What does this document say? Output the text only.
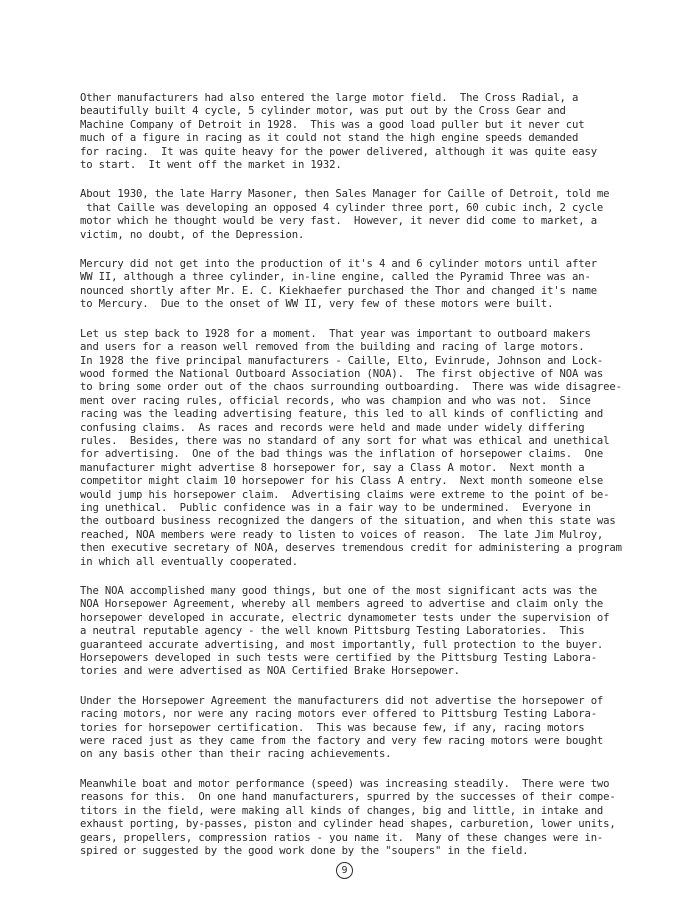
Other manufacturers had also entered the large motor field.  The Cross Radial, a
beautifully built 4 cycle, 5 cylinder motor, was put out by the Cross Gear and
Machine Company of Detroit in 1928.  This was a good load puller but it never cut
much of a figure in racing as it could not stand the high engine speeds demanded
for racing.  It was quite heavy for the power delivered, although it was quite easy
to start.  It went off the market in 1932.
About 1930, the late Harry Masoner, then Sales Manager for Caille of Detroit, told me
that Caille was developing an opposed 4 cylinder three port, 60 cubic inch, 2 cycle
motor which he thought would be very fast.  However, it never did come to market, a
victim, no doubt, of the Depression.
Mercury did not get into the production of it's 4 and 6 cylinder motors until after
WW II, although a three cylinder, in-line engine, called the Pyramid Three was an-
nounced shortly after Mr. E. C. Kiekhaefer purchased the Thor and changed it's name
to Mercury.  Due to the onset of WW II, very few of these motors were built.
Let us step back to 1928 for a moment.  That year was important to outboard makers
and users for a reason well removed from the building and racing of large motors.
In 1928 the five principal manufacturers - Caille, Elto, Evinrude, Johnson and Lock-
wood formed the National Outboard Association (NOA).  The first objective of NOA was
to bring some order out of the chaos surrounding outboarding.  There was wide disagree-
ment over racing rules, official records, who was champion and who was not.  Since
racing was the leading advertising feature, this led to all kinds of conflicting and
confusing claims.  As races and records were held and made under widely differing
rules.  Besides, there was no standard of any sort for what was ethical and unethical
for advertising.  One of the bad things was the inflation of horsepower claims.  One
manufacturer might advertise 8 horsepower for, say a Class A motor.  Next month a
competitor might claim 10 horsepower for his Class A entry.  Next month someone else
would jump his horsepower claim.  Advertising claims were extreme to the point of be-
ing unethical.  Public confidence was in a fair way to be undermined.  Everyone in
the outboard business recognized the dangers of the situation, and when this state was
reached, NOA members were ready to listen to voices of reason.  The late Jim Mulroy,
then executive secretary of NOA, deserves tremendous credit for administering a program
in which all eventually cooperated.
The NOA accomplished many good things, but one of the most significant acts was the
NOA Horsepower Agreement, whereby all members agreed to advertise and claim only the
horsepower developed in accurate, electric dynamometer tests under the supervision of
a neutral reputable agency - the well known Pittsburg Testing Laboratories.  This
guaranteed accurate advertising, and most importantly, full protection to the buyer.
Horsepowers developed in such tests were certified by the Pittsburg Testing Labora-
tories and were advertised as NOA Certified Brake Horsepower.
Under the Horsepower Agreement the manufacturers did not advertise the horsepower of
racing motors, nor were any racing motors ever offered to Pittsburg Testing Labora-
tories for horsepower certification.  This was because few, if any, racing motors
were raced just as they came from the factory and very few racing motors were bought
on any basis other than their racing achievements.
Meanwhile boat and motor performance (speed) was increasing steadily.  There were two
reasons for this.  On one hand manufacturers, spurred by the successes of their compe-
titors in the field, were making all kinds of changes, big and little, in intake and
exhaust porting, by-passes, piston and cylinder head shapes, carburetion, lower units,
gears, propellers, compression ratios - you name it.  Many of these changes were in-
spired or suggested by the good work done by the "soupers" in the field.
9
